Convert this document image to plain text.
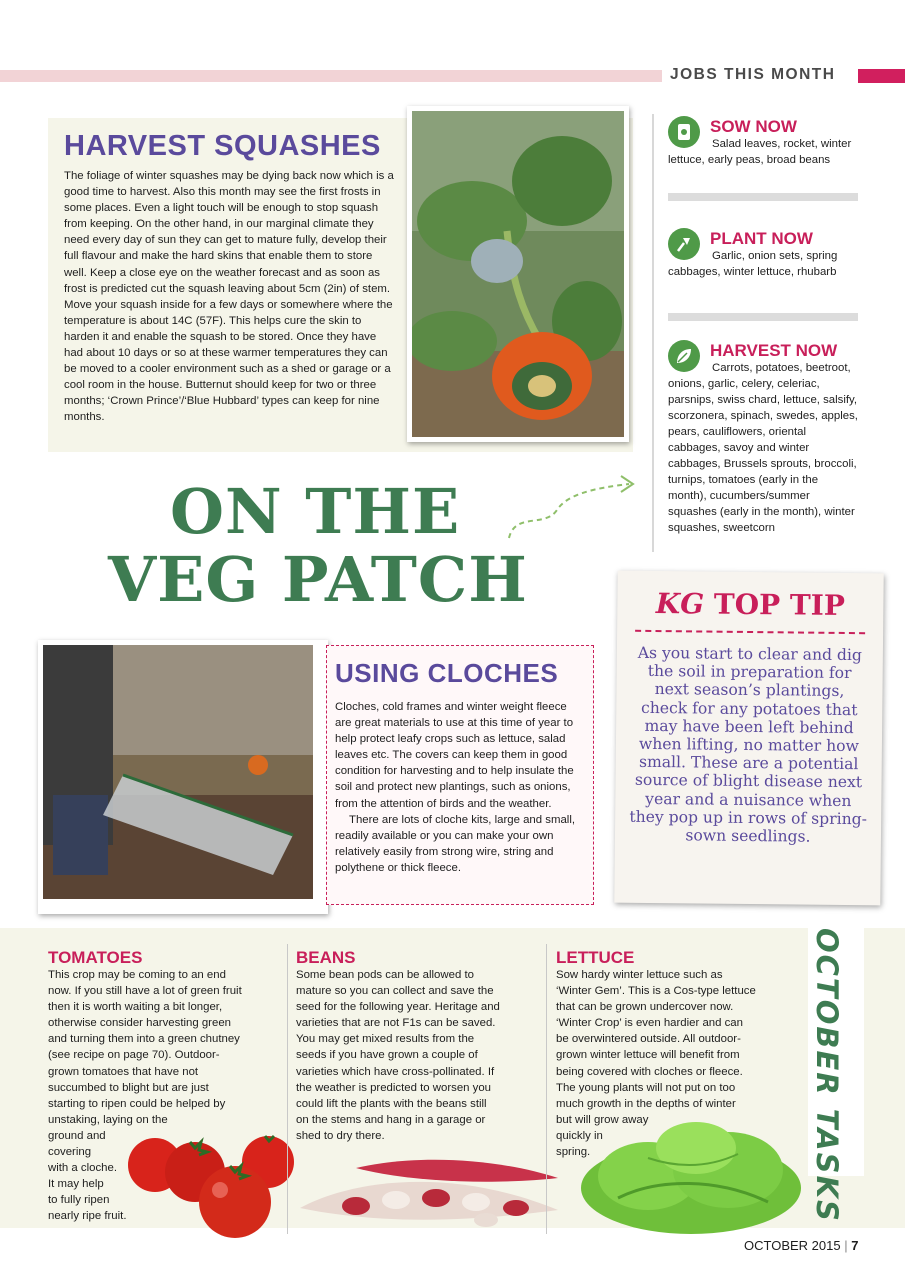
JOBS THIS MONTH
HARVEST SQUASHES
The foliage of winter squashes may be dying back now which is a good time to harvest. Also this month may see the first frosts in some places. Even a light touch will be enough to stop squash from keeping. On the other hand, in our marginal climate they need every day of sun they can get to mature fully, develop their full flavour and make the hard skins that enable them to store well. Keep a close eye on the weather forecast and as soon as frost is predicted cut the squash leaving about 5cm (2in) of stem. Move your squash inside for a few days or somewhere where the temperature is about 14C (57F). This helps cure the skin to harden it and enable the squash to be stored. Once they have had about 10 days or so at these warmer temperatures they can be moved to a cooler environment such as a shed or garage or a cool room in the house. Butternut should keep for two or three months; ‘Crown Prince’/‘Blue Hubbard’ types can keep for nine months.
SOW NOW
Salad leaves, rocket, winter lettuce, early peas, broad beans
PLANT NOW
Garlic, onion sets, spring cabbages, winter lettuce, rhubarb
HARVEST NOW
Carrots, potatoes, beetroot, onions, garlic, celery, celeriac, parsnips, swiss chard, lettuce, salsify, scorzonera, spinach, swedes, apples, pears, cauliflowers, oriental cabbages, savoy and winter cabbages, Brussels sprouts, broccoli, turnips, tomatoes (early in the month), cucumbers/summer squashes (early in the month), winter squashes, sweetcorn
ON THE
VEG PATCH	KG TOP TIP
As you start to clear and dig the soil in preparation for next season’s plantings, check for any potatoes that may have been left behind when lifting, no matter how small. These are a potential source of blight disease next year and a nuisance when they pop up in rows of spring-sown seedlings.
USING CLOCHES

Cloches, cold frames and winter weight fleece are great materials to use at this time of year to help protect leafy crops such as lettuce, salad leaves etc. The covers can keep them in good condition for harvesting and to help insulate the soil and protect new plantings, such as onions, from the attention of birds and the weather.

There are lots of cloche kits, large and small, readily available or you can make your own relatively easily from strong wire, string and polythene or thick fleece.

TOMATOES
This crop may be coming to an end
now. If you still have a lot of green fruit
then it is worth waiting a bit longer,
otherwise consider harvesting green
and turning them into a green chutney
(see recipe on page 70). Outdoor-
grown tomatoes that have not
succumbed to blight but are just
starting to ripen could be helped by
unstaking, laying on the
ground and
covering
with a cloche.
It may help
to fully ripen
nearly ripe fruit.
BEANS
Some bean pods can be allowed to
mature so you can collect and save the
seed for the following year. Heritage and
varieties that are not F1s can be saved.
You may get mixed results from the
seeds if you have grown a couple of
varieties which have cross-pollinated. If
the weather is predicted to worsen you
could lift the plants with the beans still
on the stems and hang in a garage or
shed to dry there.
LETTUCE
Sow hardy winter lettuce such as
‘Winter Gem’. This is a Cos-type lettuce
that can be grown undercover now.
‘Winter Crop’ is even hardier and can
be overwintered outside. All outdoor-
grown winter lettuce will benefit from
being covered with cloches or fleece.
The young plants will not put on too
much growth in the depths of winter
but will grow away
quickly in
spring.	OCTOBER TASKS
OCTOBER 2015 | 7
